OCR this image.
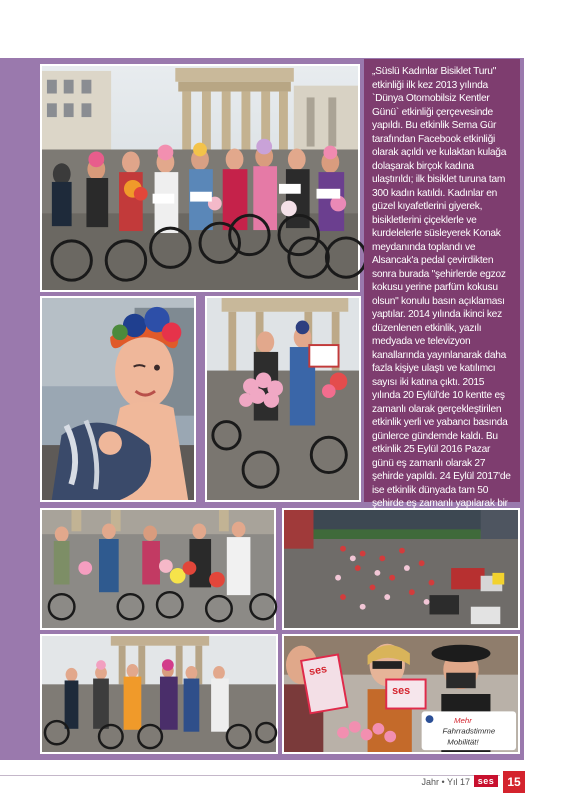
„Süslü Kadınlar Bisiklet Turu" etkinliği ilk kez 2013 yılında `Dünya Otomobilsiz Kentler Günü` etkinliği çerçevesinde yapıldı. Bu etkinlik Sema Gür tarafından Facebook etkinliği olarak açıldı ve kulaktan kulağa dolaşarak birçok kadına ulaştırıldı; ilk bisiklet turuna tam 300 kadın katıldı. Kadınlar en güzel kıyafetlerini giyerek, bisikletlerini çiçeklerle ve kurdelelerle süsleyerek Konak meydanında toplandı ve Alsancak'a pedal çevirdikten sonra burada "şehirlerde egzoz kokusu yerine parfüm kokusu olsun" konulu basın açıklaması yaptılar. 2014 yılında ikinci kez düzenlenen etkinlik, yazılı medyada ve televizyon kanallarında yayınlanarak daha fazla kişiye ulaştı ve katılımcı sayısı iki katına çıktı. 2015 yılında 20 Eylül'de 10 kentte eş zamanlı olarak gerçekleştirilen etkinlik yerli ve yabancı basında günlerce gündemde kaldı. Bu etkinlik 25 Eylül 2016 Pazar günü eş zamanlı olarak 27 şehirde yapıldı. 24 Eylül 2017'de ise etkinlik dünyada tam 50 şehirde eş zamanlı yapılarak bir

ses
ses
Mehr
Fahrradstimme
Mobilität!
Jahr • Yıl 17 ses	15
